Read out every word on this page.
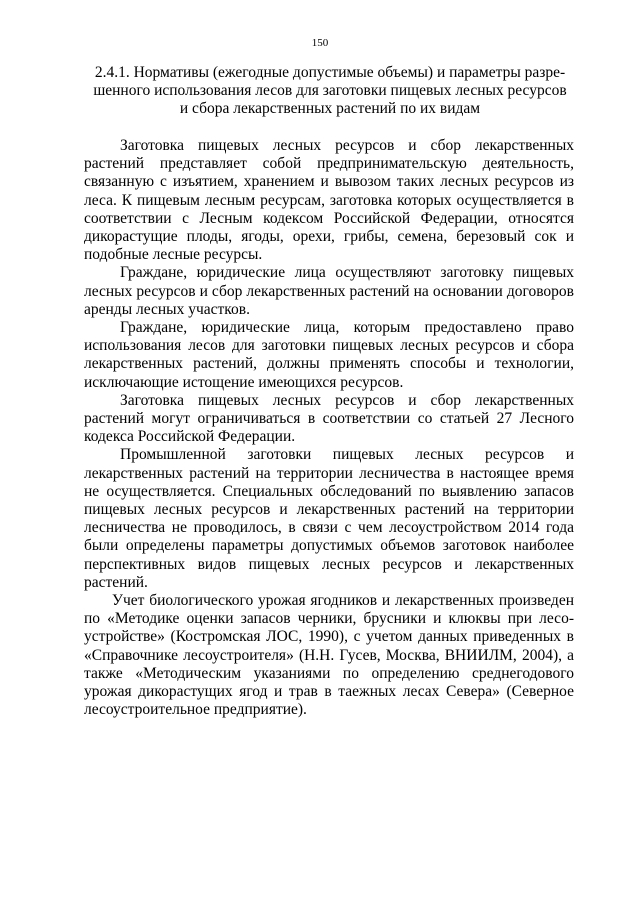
150
2.4.1. Нормативы (ежегодные допустимые объемы) и параметры разрешенного использования лесов для заготовки пищевых лесных ресурсов и сбора лекарственных растений по их видам

Заготовка пищевых лесных ресурсов и сбор лекарственных растений представляет собой предпринимательскую деятельность, связанную с изъятием, хранением и вывозом таких лесных ресурсов из леса. К пищевым лесным ресурсам, заготовка которых осуществляется в соответствии с Лесным кодексом Российской Федерации, относятся дикорастущие плоды, ягоды, орехи, грибы, семена, березовый сок и подобные лесные ресурсы.

Граждане, юридические лица осуществляют заготовку пищевых лесных ресурсов и сбор лекарственных растений на основании договоров аренды лесных участков.

Граждане, юридические лица, которым предоставлено право использования лесов для заготовки пищевых лесных ресурсов и сбора лекарственных растений, должны применять способы и технологии, исключающие истощение имеющихся ресурсов.

Заготовка пищевых лесных ресурсов и сбор лекарственных растений могут ограничиваться в соответствии со статьей 27 Лесного кодекса Российской Федерации.

Промышленной заготовки пищевых лесных ресурсов и лекарственных растений на территории лесничества в настоящее время не осуществляется. Специальных обследований по выявлению запасов пищевых лесных ресурсов и лекарственных растений на территории лесничества не проводилось, в связи с чем лесоустройством 2014 года были определены параметры допустимых объемов заготовок наиболее перспективных видов пищевых лесных ресурсов и лекарственных растений.

Учет биологического урожая ягодников и лекарственных произведен по «Методике оценки запасов черники, брусники и клюквы при лесоустройстве» (Костромская ЛОС, 1990), с учетом данных приведенных в «Справочнике лесоустроителя» (Н.Н. Гусев, Москва, ВНИИЛМ, 2004), а также «Методическим указаниями по определению среднегодового урожая дикорастущих ягод и трав в таежных лесах Севера» (Северное лесоустроительное предприятие).
